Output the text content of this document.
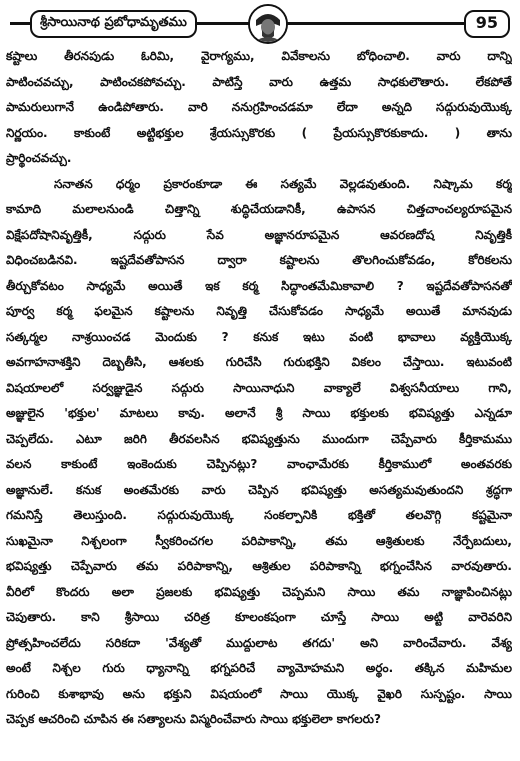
శ్రీసాయినాథ ప్రబోధామృతము	95
కష్టాలు తీరనపుడు ఓరిమి, వైరాగ్యము, వివేకాలను బోధించాలి. వారు దాన్ని
పాటించవచ్చు, పాటించకపోవచ్చు. పాటిస్తే వారు ఉత్తమ సాధకులౌతారు. లేకపోతే
పామరులుగానే ఉండిపోతారు. వారి ననుగ్రహించడమా లేదా అన్నది సద్గురువుయొక్క
నిర్ణయం. కాకుంటే అట్టిభక్తుల శ్రేయస్సుకొరకు ( ప్రేయస్సుకొరకుకాదు. ) తాను
ప్రార్థించవచ్చు.
సనాతన ధర్మం ప్రకారంకూడా ఈ సత్యమే వెల్లడవుతుంది. నిష్కామ కర్మ
కామాది మలాలనుండి చిత్తాన్ని శుద్ధిచేయడానికీ, ఉపాసన చిత్తచాంచల్యరూపమైన
విక్షేపదోషానివృత్తికీ, సద్గురు సేవ అజ్ఞానరూపమైన ఆవరణదోష నివృత్తికీ
విధించబడినవి. ఇష్టదేవతోపాసన ద్వారా కష్టాలను తొలగించుకోవడం, కోరికలను
తీర్చుకోవటం సాధ్యమే అయితే ఇక కర్మ సిద్ధాంతమేమికావాలి ? ఇష్టదేవతోపాసనతో
పూర్వ కర్మ ఫలమైన కష్టాలను నివృత్తి చేసుకోవడం సాధ్యమే అయితే మానవుడు
సత్కర్మల నాశ్రయించడ మెందుకు ? కనుక ఇటు వంటి భావాలు వ్యక్తియొక్క
అవగాహనాశక్తిని దెబ్బతీసి, ఆశలకు గురిచేసి గురుభక్తిని వికలం చేస్తాయి. ఇటువంటి
విషయాలలో సర్వజ్ఞుడైన సద్గురు సాయినాధుని వాక్యాలే విశ్వసనీయాలు గాని,
అజ్ఞులైన 'భక్తుల' మాటలు కావు. అలానే శ్రీ సాయి భక్తులకు భవిష్యత్తు ఎన్నడూ
చెప్పలేదు. ఎటూ జరిగి తీరవలసిన భవిష్యత్తును ముందుగా చెప్పేవారు కీర్తికామము
వలన కాకుంటే ఇంకెందుకు చెప్పినట్లు? వాంఛామేరకు కీర్తికాములో అంతవరకు
అజ్ఞానులే. కనుక అంతమేరకు వారు చెప్పిన భవిష్యత్తు అసత్యమవుతుందని శ్రద్ధగా
గమనిస్తే తెలుస్తుంది. సద్గురువుయొక్క సంకల్పానికి భక్తితో తలవొగ్గి కష్టమైనా
సుఖమైనా నిశ్చలంగా స్వీకరించగల పరిపాకాన్ని, తమ ఆశ్రితులకు నేర్పేబదులు,
భవిష్యత్తు చెప్పేవారు తమ పరిపాకాన్ని, ఆశ్రితుల పరిపాకాన్ని భగ్నంచేసిన వారవుతారు.
వీరిలో కొందరు అలా ప్రజలకు భవిష్యత్తు చెప్పమని సాయి తమ నాజ్ఞాపించినట్లు
చెపుతారు. కాని శ్రీసాయి చరిత్ర కూలంకషంగా చూస్తే సాయి అట్టి వారెవరిని
ప్రోత్సహించలేదు సరికదా 'వేశ్యతో ముద్దులాట తగదు' అని వారించేవారు. వేశ్య
అంటే నిశ్చల గురు ధ్యానాన్ని భగ్నపరిచే వ్యామోహమని అర్థం. తక్కిన మహిమల
గురించి కుశాభావు అను భక్తుని విషయంలో సాయి యొక్క వైఖరి సుస్పష్టం. సాయి
చెప్పక ఆచరించి చూపిన ఈ సత్యాలను విస్మరించేవారు సాయి భక్తులెలా కాగలరు?
